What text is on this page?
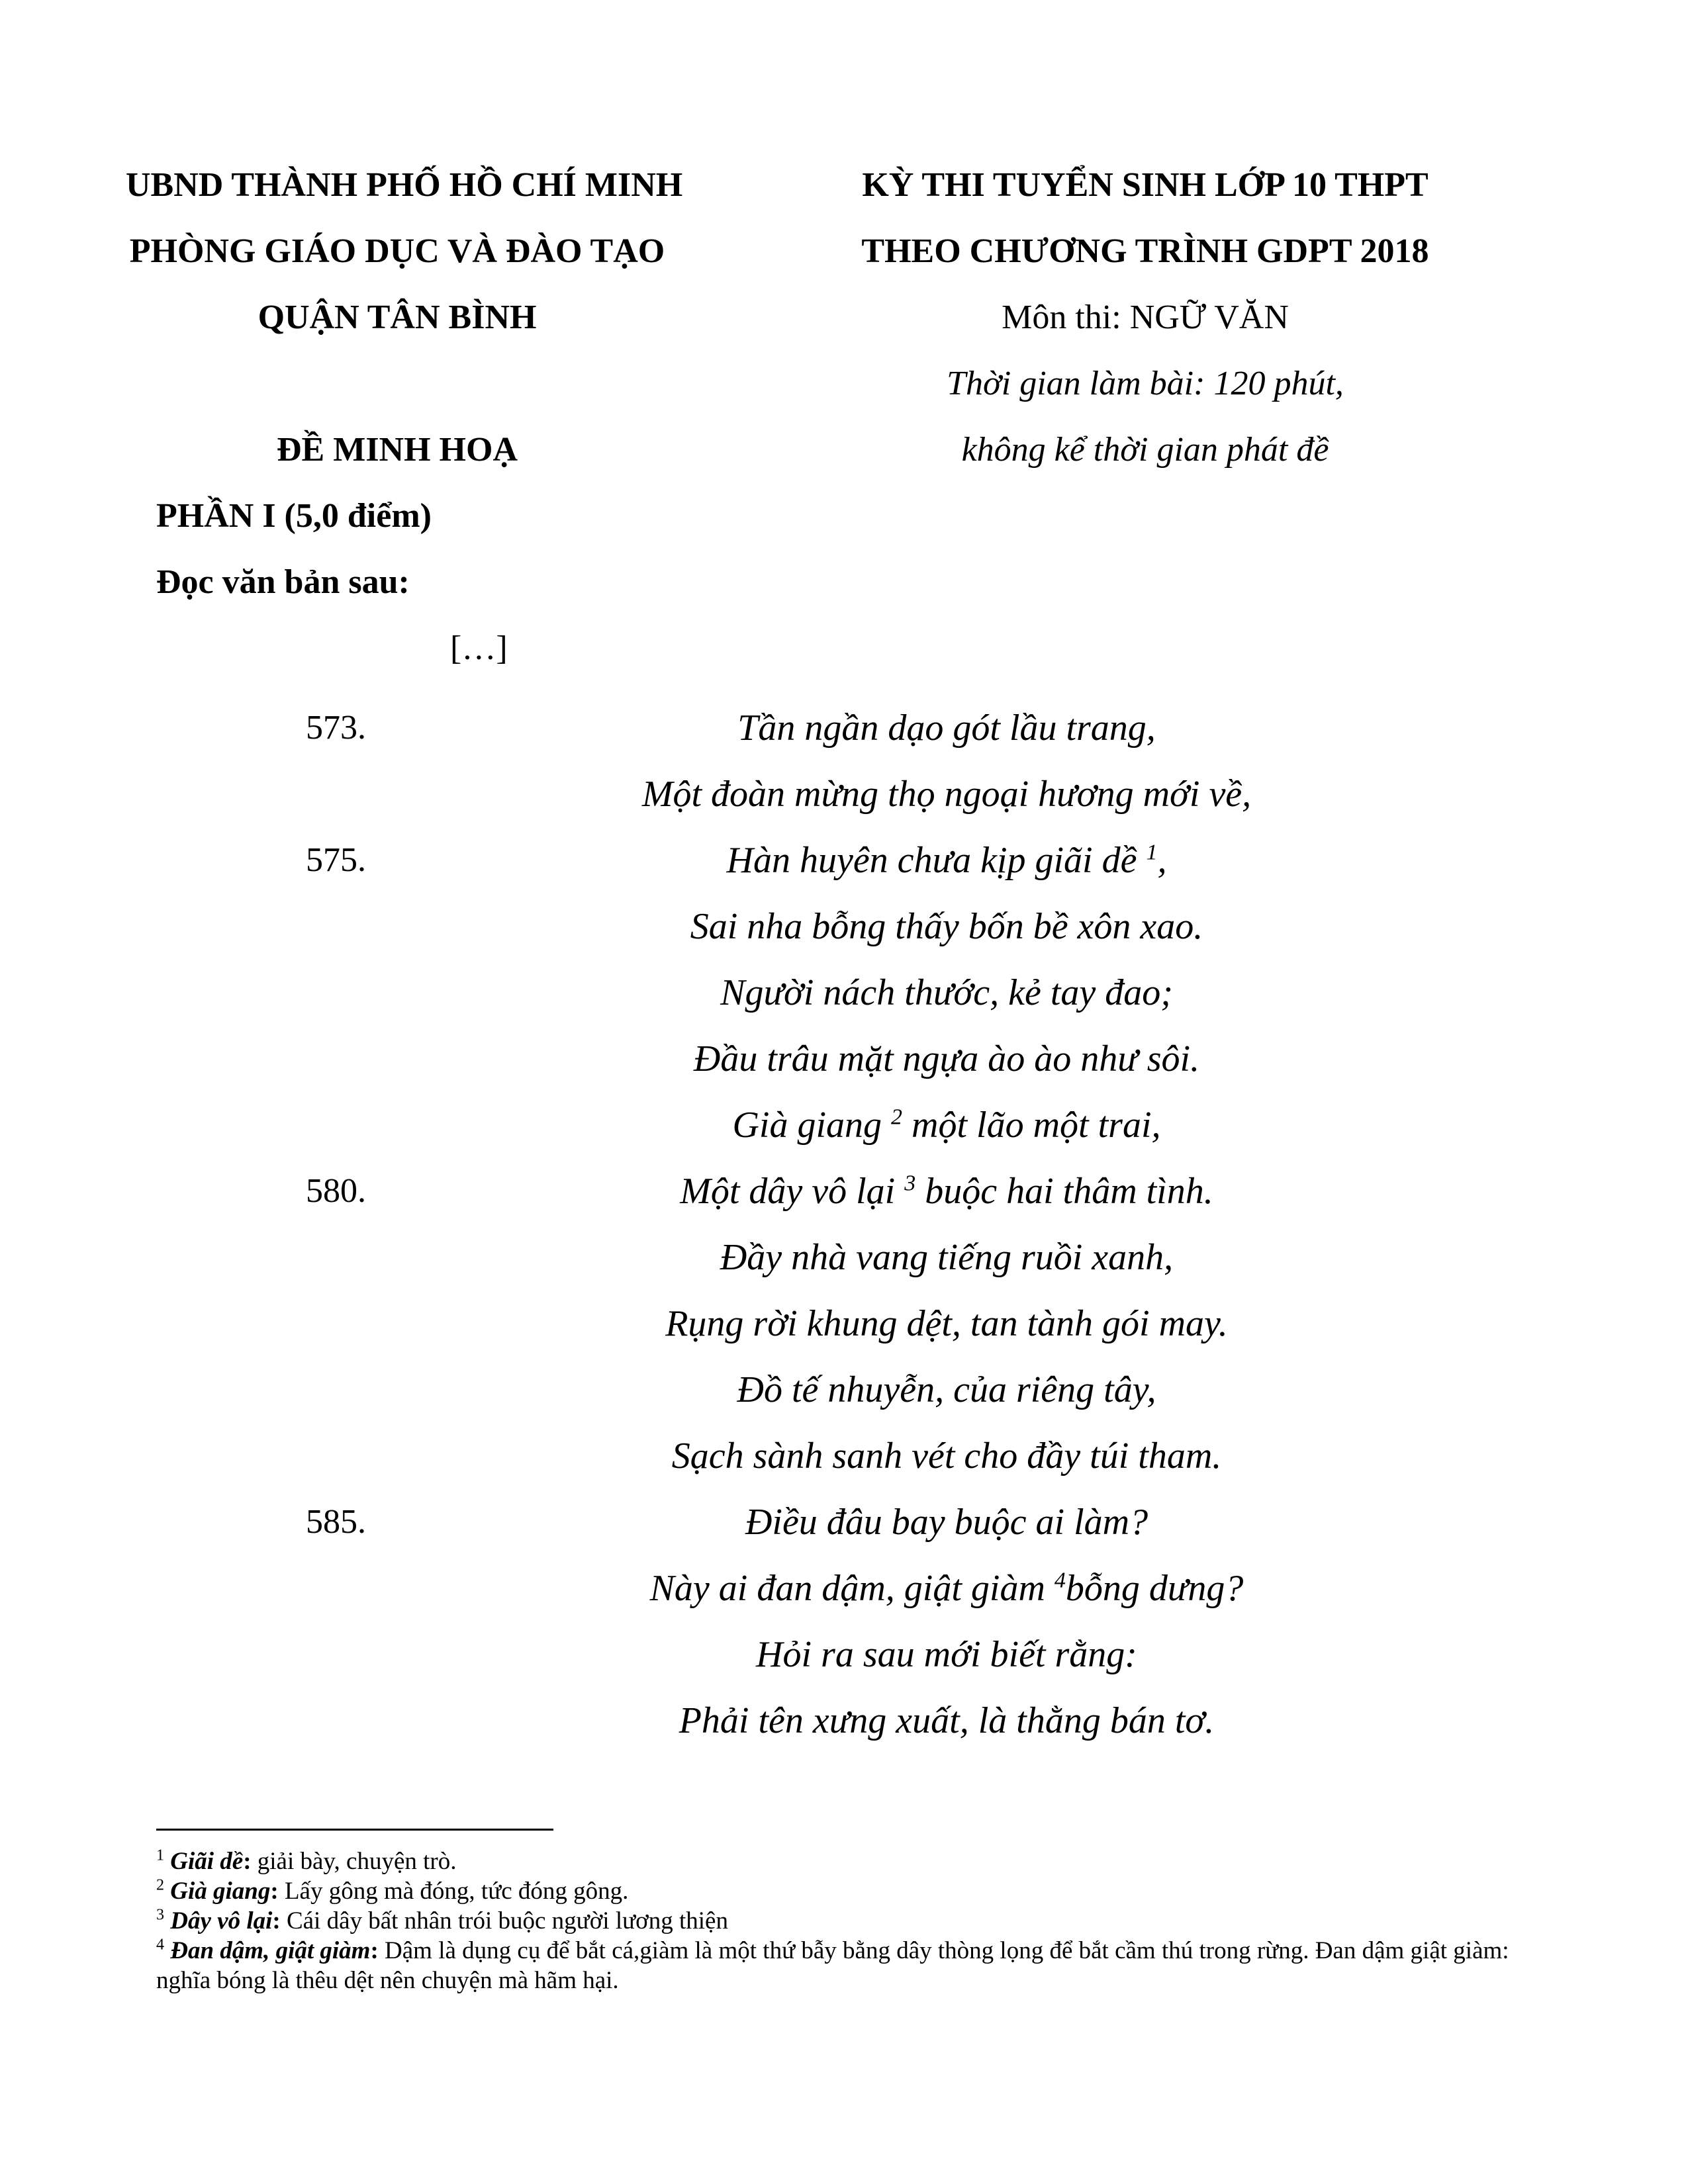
UBND THÀNH PHỐ HỒ CHÍ MINH
PHÒNG GIÁO DỤC VÀ ĐÀO TẠO
QUẬN TÂN BÌNH
KỲ THI TUYỂN SINH LỚP 10 THPT
THEO CHƯƠNG TRÌNH GDPT 2018
Môn thi: NGỮ VĂN
Thời gian làm bài: 120 phút,
không kể thời gian phát đề
ĐỀ MINH HOẠ
PHẦN I (5,0 điểm)
Đọc văn bản sau:
[…]
573.	Tần ngần dạo gót lầu trang,
Một đoàn mừng thọ ngoại hương mới về,
575.	Hàn huyên chưa kịp giãi dề $^1$,
Sai nha bỗng thấy bốn bề xôn xao.
Người nách thước, kẻ tay đao;
Đầu trâu mặt ngựa ào ào như sôi.
Già giang $^2$ một lão một trai,
580.	Một dây vô lại $^3$ buộc hai thâm tình.
Đầy nhà vang tiếng ruồi xanh,
Rụng rời khung dệt, tan tành gói may.
Đồ tế nhuyễn, của riêng tây,
Sạch sành sanh vét cho đầy túi tham.
585.	Điều đâu bay buộc ai làm?
Này ai đan dậm, giật giàm $^4$bỗng dưng?
Hỏi ra sau mới biết rằng:
Phải tên xưng xuất, là thằng bán tơ.

$^1$ Giãi dề: giải bày, chuyện trò.

$^2$ Già giang: Lấy gông mà đóng, tức đóng gông.

$^3$ Dây vô lại: Cái dây bất nhân trói buộc người lương thiện

$^4$ Đan dậm, giật giàm: Dậm là dụng cụ để bắt cá,giàm là một thứ bẫy bằng dây thòng lọng để bắt cầm thú trong rừng. Đan dậm giật giàm: nghĩa bóng là thêu dệt nên chuyện mà hãm hại.
